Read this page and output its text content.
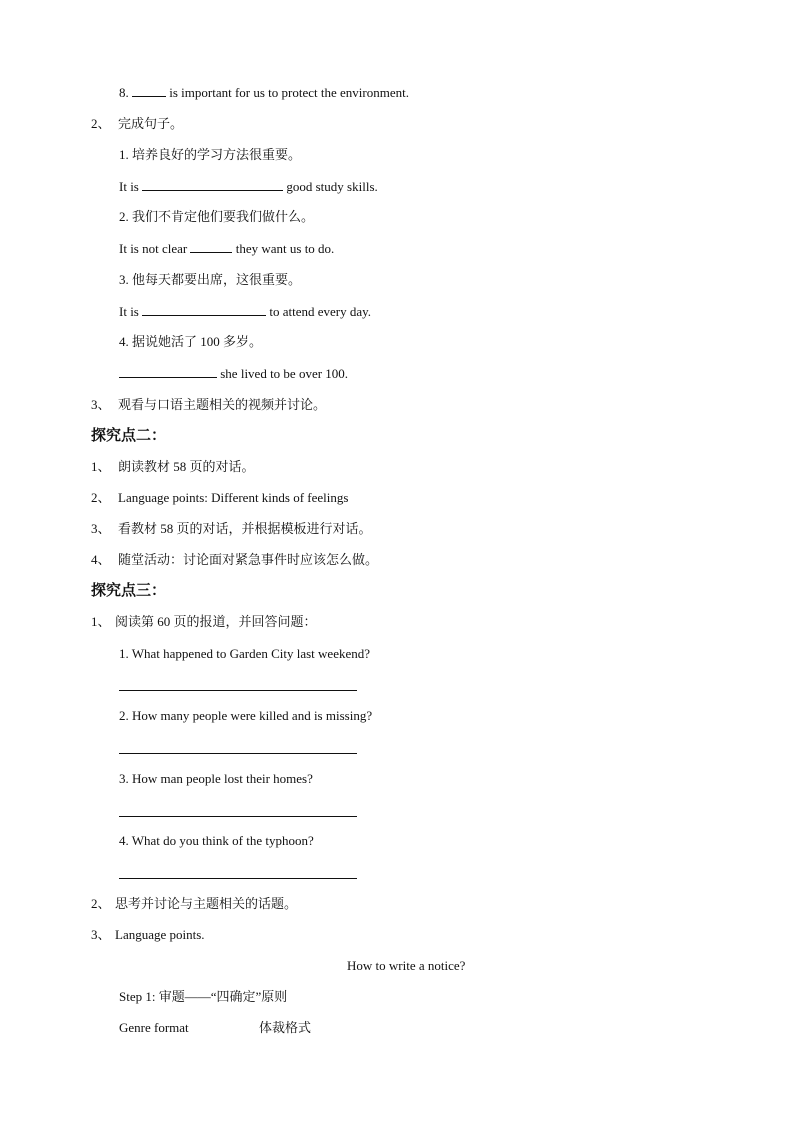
8.	is important for us to protect the environment.
2、 完成句子。
1. 培养良好的学习方法很重要。
It is	good study skills.
2. 我们不肯定他们要我们做什么。
It is not clear	they want us to do.
3. 他每天都要出席，这很重要。
It is	to attend every day.
4. 据说她活了 100 多岁。
she lived to be over 100.
3、 观看与口语主题相关的视频并讨论。
探究点二：
1、 朗读教材 58 页的对话。
2、 Language points: Different kinds of feelings
3、 看教材 58 页的对话，并根据模板进行对话。
4、 随堂活动：讨论面对紧急事件时应该怎么做。
探究点三：
1、 阅读第 60 页的报道，并回答问题：
1. What happened to Garden City last weekend?
2. How many people were killed and is missing?
3. How man people lost their homes?
4. What do you think of the typhoon?
2、 思考并讨论与主题相关的话题。
3、 Language points.
How to write a notice?
Step 1: 审题——“四确定”原则
Genre format	体裁格式
